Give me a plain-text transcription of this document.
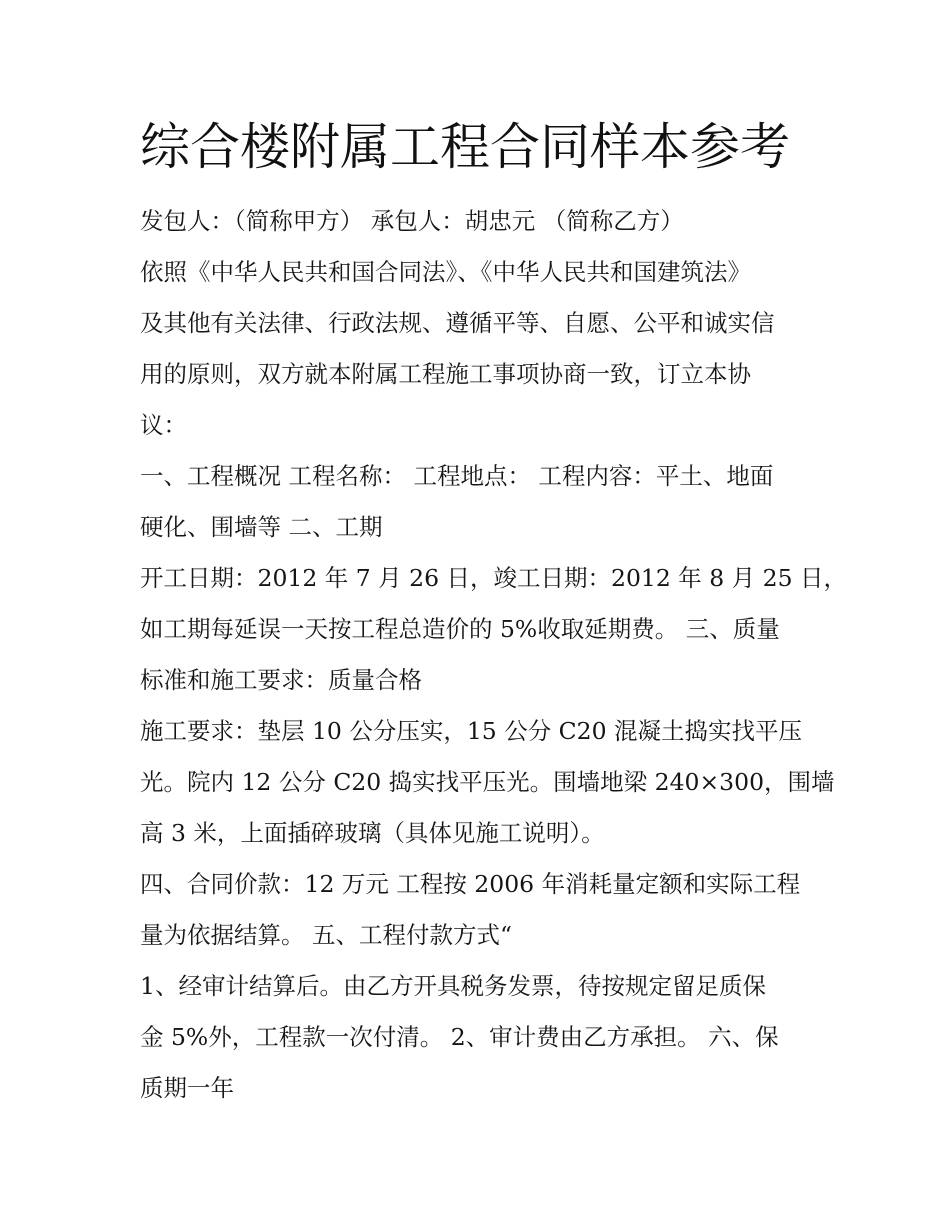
综合楼附属工程合同样本参考

发包人：（简称甲方） 承包人：胡忠元 （简称乙方）

依照《中华人民共和国合同法》、《中华人民共和国建筑法》

及其他有关法律、行政法规、遵循平等、自愿、公平和诚实信

用的原则，双方就本附属工程施工事项协商一致，订立本协

议：

一、工程概况 工程名称： 工程地点： 工程内容：平土、地面

硬化、围墙等 二、工期

开工日期：2012 年 7 月 26 日，竣工日期：2012 年 8 月 25 日，

如工期每延误一天按工程总造价的 5%收取延期费。 三、质量

标准和施工要求：质量合格

施工要求：垫层 10 公分压实，15 公分 C20 混凝土捣实找平压

光。院内 12 公分 C20 捣实找平压光。围墙地梁 240×300，围墙

高 3 米，上面插碎玻璃（具体见施工说明）。

四、合同价款：12 万元 工程按 2006 年消耗量定额和实际工程

量为依据结算。 五、工程付款方式“

1、经审计结算后。由乙方开具税务发票，待按规定留足质保

金 5%外，工程款一次付清。 2、审计费由乙方承担。 六、保

质期一年
